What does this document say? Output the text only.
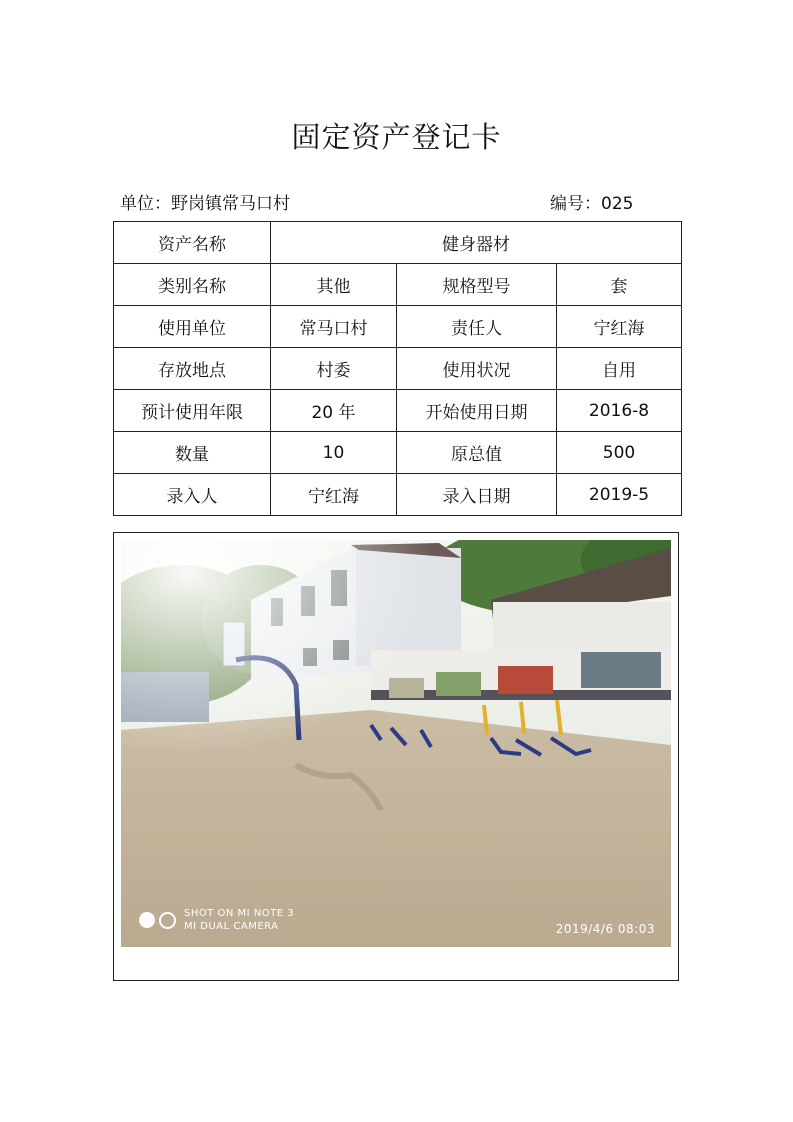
固定资产登记卡
单位：野岗镇常马口村	编号：025
资产名称	健身器材		
类别名称	其他	规格型号	套
使用单位	常马口村	责任人	宁红海
存放地点	村委	使用状况	自用
预计使用年限	20 年	开始使用日期	2016-8
数量	10	原总值	500
录入人	宁红海	录入日期	2019-5
SHOT ON MI NOTE 3
MI DUAL CAMERA	2019/4/6 08:03
